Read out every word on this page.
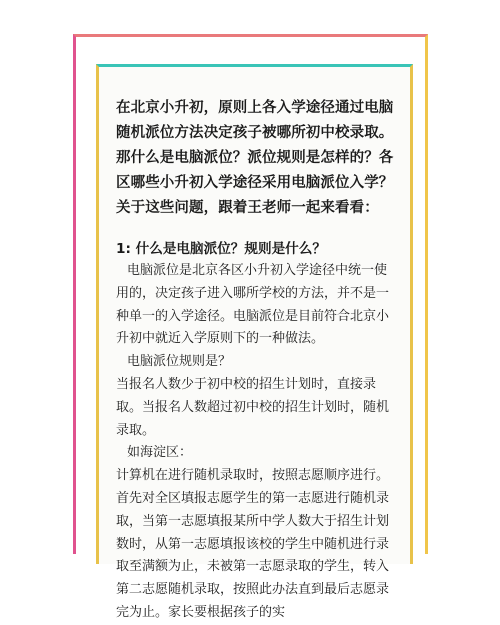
在北京小升初，原则上各入学途径通过电脑随机派位方法决定孩子被哪所初中校录取。那什么是电脑派位？派位规则是怎样的？各区哪些小升初入学途径采用电脑派位入学？关于这些问题，跟着王老师一起来看看：

1: 什么是电脑派位？规则是什么？

电脑派位是北京各区小升初入学途径中统一使用的，决定孩子进入哪所学校的方法，并不是一种单一的入学途径。电脑派位是目前符合北京小升初中就近入学原则下的一种做法。

电脑派位规则是？

当报名人数少于初中校的招生计划时，直接录取。当报名人数超过初中校的招生计划时，随机录取。

如海淀区：

计算机在进行随机录取时，按照志愿顺序进行。首先对全区填报志愿学生的第一志愿进行随机录取，当第一志愿填报某所中学人数大于招生计划数时，从第一志愿填报该校的学生中随机进行录取至满额为止，未被第一志愿录取的学生，转入第二志愿随机录取，按照此办法直到最后志愿录完为止。家长要根据孩子的实
